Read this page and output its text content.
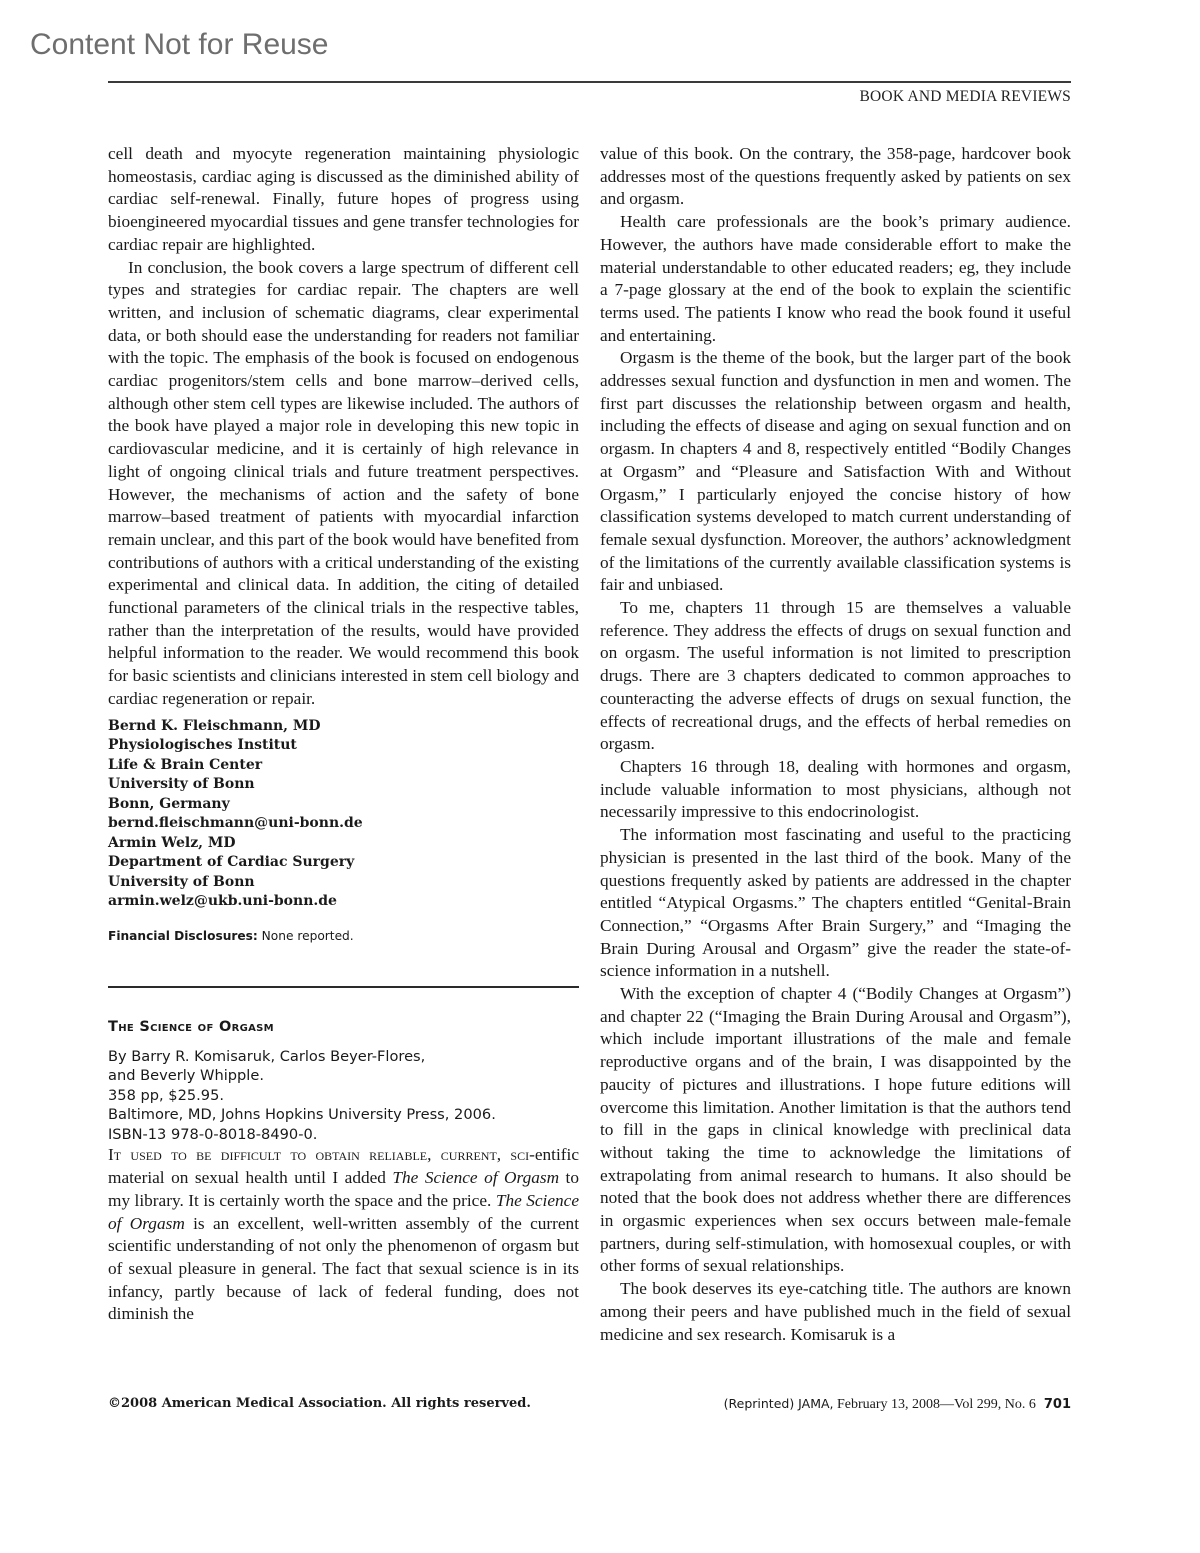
Content Not for Reuse
BOOK AND MEDIA REVIEWS

cell death and myocyte regeneration maintaining physiologic homeostasis, cardiac aging is discussed as the diminished ability of cardiac self-renewal. Finally, future hopes of progress using bioengineered myocardial tissues and gene transfer technologies for cardiac repair are highlighted.

In conclusion, the book covers a large spectrum of different cell types and strategies for cardiac repair. The chapters are well written, and inclusion of schematic diagrams, clear experimental data, or both should ease the understanding for readers not familiar with the topic. The emphasis of the book is focused on endogenous cardiac progenitors/stem cells and bone marrow–derived cells, although other stem cell types are likewise included. The authors of the book have played a major role in developing this new topic in cardiovascular medicine, and it is certainly of high relevance in light of ongoing clinical trials and future treatment perspectives. However, the mechanisms of action and the safety of bone marrow–based treatment of patients with myocardial infarction remain unclear, and this part of the book would have benefited from contributions of authors with a critical understanding of the existing experimental and clinical data. In addition, the citing of detailed functional parameters of the clinical trials in the respective tables, rather than the interpretation of the results, would have provided helpful information to the reader. We would recommend this book for basic scientists and clinicians interested in stem cell biology and cardiac regeneration or repair.

Bernd K. Fleischmann, MD
Physiologisches Institut
Life & Brain Center
University of Bonn
Bonn, Germany
bernd.fleischmann@uni-bonn.de
Armin Welz, MD
Department of Cardiac Surgery
University of Bonn
armin.welz@ukb.uni-bonn.de
Financial Disclosures: None reported.
The Science of Orgasm
By Barry R. Komisaruk, Carlos Beyer-Flores,
and Beverly Whipple.
358 pp, $25.95.
Baltimore, MD, Johns Hopkins University Press, 2006.
ISBN-13 978-0-8018-8490-0.

It used to be difficult to obtain reliable, current, sci-entific material on sexual health until I added The Science of Orgasm to my library. It is certainly worth the space and the price. The Science of Orgasm is an excellent, well-written assembly of the current scientific understanding of not only the phenomenon of orgasm but of sexual pleasure in general. The fact that sexual science is in its infancy, partly because of lack of federal funding, does not diminish the

value of this book. On the contrary, the 358-page, hardcover book addresses most of the questions frequently asked by patients on sex and orgasm.

Health care professionals are the book’s primary audience. However, the authors have made considerable effort to make the material understandable to other educated readers; eg, they include a 7-page glossary at the end of the book to explain the scientific terms used. The patients I know who read the book found it useful and entertaining.

Orgasm is the theme of the book, but the larger part of the book addresses sexual function and dysfunction in men and women. The first part discusses the relationship between orgasm and health, including the effects of disease and aging on sexual function and on orgasm. In chapters 4 and 8, respectively entitled “Bodily Changes at Orgasm” and “Pleasure and Satisfaction With and Without Orgasm,” I particularly enjoyed the concise history of how classification systems developed to match current understanding of female sexual dysfunction. Moreover, the authors’ acknowledgment of the limitations of the currently available classification systems is fair and unbiased.

To me, chapters 11 through 15 are themselves a valuable reference. They address the effects of drugs on sexual function and on orgasm. The useful information is not limited to prescription drugs. There are 3 chapters dedicated to common approaches to counteracting the adverse effects of drugs on sexual function, the effects of recreational drugs, and the effects of herbal remedies on orgasm.

Chapters 16 through 18, dealing with hormones and orgasm, include valuable information to most physicians, although not necessarily impressive to this endocrinologist.

The information most fascinating and useful to the practicing physician is presented in the last third of the book. Many of the questions frequently asked by patients are addressed in the chapter entitled “Atypical Orgasms.” The chapters entitled “Genital-Brain Connection,” “Orgasms After Brain Surgery,” and “Imaging the Brain During Arousal and Orgasm” give the reader the state-of-science information in a nutshell.

With the exception of chapter 4 (“Bodily Changes at Orgasm”) and chapter 22 (“Imaging the Brain During Arousal and Orgasm”), which include important illustrations of the male and female reproductive organs and of the brain, I was disappointed by the paucity of pictures and illustrations. I hope future editions will overcome this limitation. Another limitation is that the authors tend to fill in the gaps in clinical knowledge with preclinical data without taking the time to acknowledge the limitations of extrapolating from animal research to humans. It also should be noted that the book does not address whether there are differences in orgasmic experiences when sex occurs between male-female partners, during self-stimulation, with homosexual couples, or with other forms of sexual relationships.

The book deserves its eye-catching title. The authors are known among their peers and have published much in the field of sexual medicine and sex research. Komisaruk is a

©2008 American Medical Association. All rights reserved.	(Reprinted) JAMA, February 13, 2008—Vol 299, No. 6 701
